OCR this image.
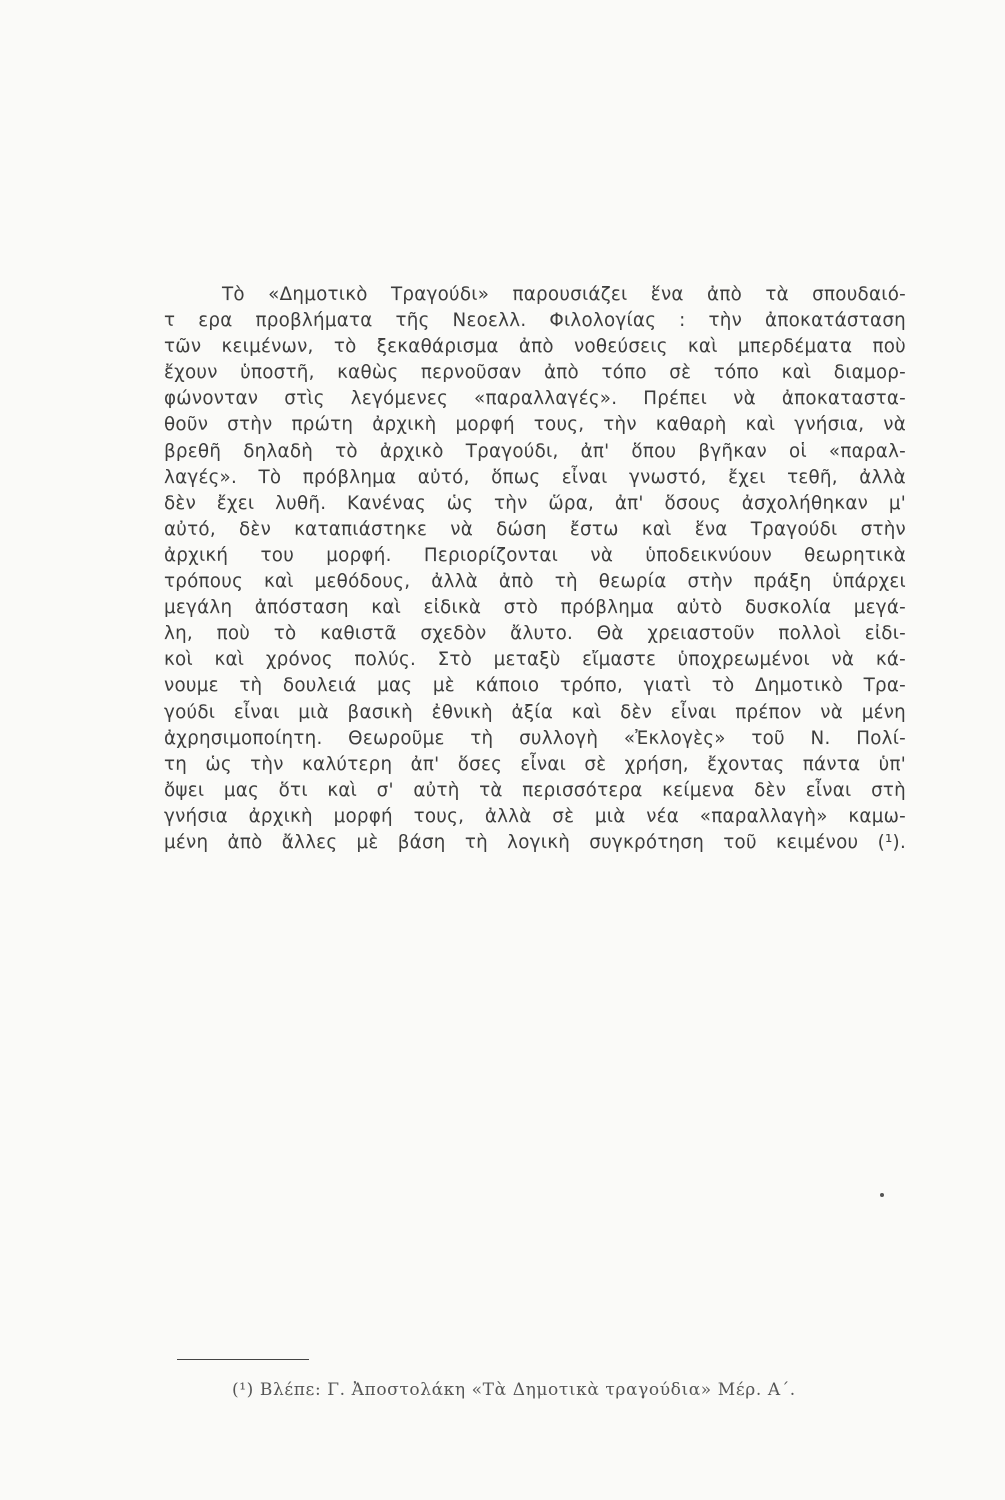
Τὸ «Δημοτικὸ Τραγούδι» παρουσιάζει ἕνα ἀπὸ τὰ σπουδαιό-
τ ερα προβλήματα τῆς Νεοελλ. Φιλολογίας : τὴν ἀποκατάσταση
τῶν κειμένων, τὸ ξεκαθάρισμα ἀπὸ νοθεύσεις καὶ μπερδέματα ποὺ
ἔχουν ὑποστῆ, καθὼς περνοῦσαν ἀπὸ τόπο σὲ τόπο καὶ διαμορ-
φώνονταν στὶς λεγόμενες «παραλλαγές». Πρέπει νὰ ἀποκαταστα-
θοῦν στὴν πρώτη ἀρχικὴ μορφή τους, τὴν καθαρὴ καὶ γνήσια, νὰ
βρεθῆ δηλαδὴ τὸ ἀρχικὸ Τραγούδι, ἀπ' ὅπου βγῆκαν οἱ «παραλ-
λαγές». Τὸ πρόβλημα αὐτό, ὅπως εἶναι γνωστό, ἔχει τεθῆ, ἀλλὰ
δὲν ἔχει λυθῆ. Κανένας ὡς τὴν ὥρα, ἀπ' ὅσους ἀσχολήθηκαν μ'
αὐτό, δὲν καταπιάστηκε νὰ δώση ἔστω καὶ ἕνα Τραγούδι στὴν
ἀρχική του μορφή. Περιορίζονται νὰ ὑποδεικνύουν θεωρητικὰ
τρόπους καὶ μεθόδους, ἀλλὰ ἀπὸ τὴ θεωρία στὴν πράξη ὑπάρχει
μεγάλη ἀπόσταση καὶ εἰδικὰ στὸ πρόβλημα αὐτὸ δυσκολία μεγά-
λη, ποὺ τὸ καθιστᾶ σχεδὸν ἄλυτο. Θὰ χρειαστοῦν πολλοὶ εἰδι-
κοὶ καὶ χρόνος πολύς. Στὸ μεταξὺ εἴμαστε ὑποχρεωμένοι νὰ κά-
νουμε τὴ δουλειά μας μὲ κάποιο τρόπο, γιατὶ τὸ Δημοτικὸ Τρα-
γούδι εἶναι μιὰ βασικὴ ἐθνικὴ ἀξία καὶ δὲν εἶναι πρέπον νὰ μένη
ἀχρησιμοποίητη. Θεωροῦμε τὴ συλλογὴ «Ἐκλογὲς» τοῦ Ν. Πολί-
τη ὡς τὴν καλύτερη ἀπ' ὅσες εἶναι σὲ χρήση, ἔχοντας πάντα ὑπ'
ὄψει μας ὅτι καὶ σ' αὐτὴ τὰ περισσότερα κείμενα δὲν εἶναι στὴ
γνήσια ἀρχικὴ μορφή τους, ἀλλὰ σὲ μιὰ νέα «παραλλαγὴ» καμω-
μένη ἀπὸ ἄλλες μὲ βάση τὴ λογικὴ συγκρότηση τοῦ κειμένου (¹).
(¹) Βλέπε: Γ. Ἀποστολάκη «Τὰ Δημοτικὰ τραγούδια» Μέρ. Α΄.
